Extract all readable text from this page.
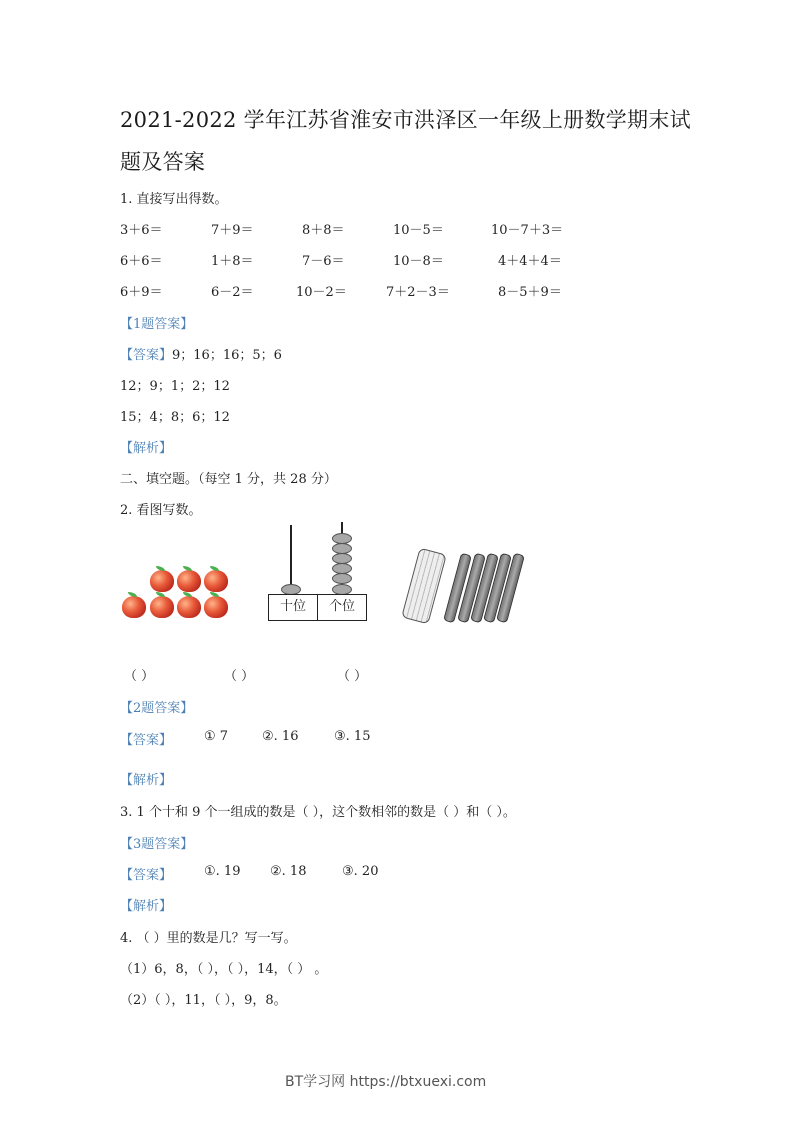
2021-2022 学年江苏省淮安市洪泽区一年级上册数学期末试
题及答案
1. 直接写出得数。
3＋6＝	7＋9＝	8＋8＝	10－5＝	10－7＋3＝
6＋6＝	1＋8＝	7－6＝	10－8＝	4＋4＋4＝
6＋9＝	6－2＝	10－2＝	7＋2－3＝	8－5＋9＝
【1题答案】
【答案】9；16；16；5；6
12；9；1；2；12
15；4；8；6；12
【解析】
二、填空题。（每空 1 分，共 28 分）
2. 看图写数。
十位	个位
（ ）	（ ）	（ ）
【2题答案】
【答案】 ① 7	②. 16	③. 15
【解析】
3. 1 个十和 9 个一组成的数是（ ），这个数相邻的数是（ ）和（ ）。
【3题答案】
【答案】 ①. 19 ②. 18	③. 20
【解析】
4. （ ）里的数是几？写一写。
（1）6，8，（ ），（ ），14，（ ） 。
（2）（ ），11，（ ），9，8。
BT学习网 https://btxuexi.com
